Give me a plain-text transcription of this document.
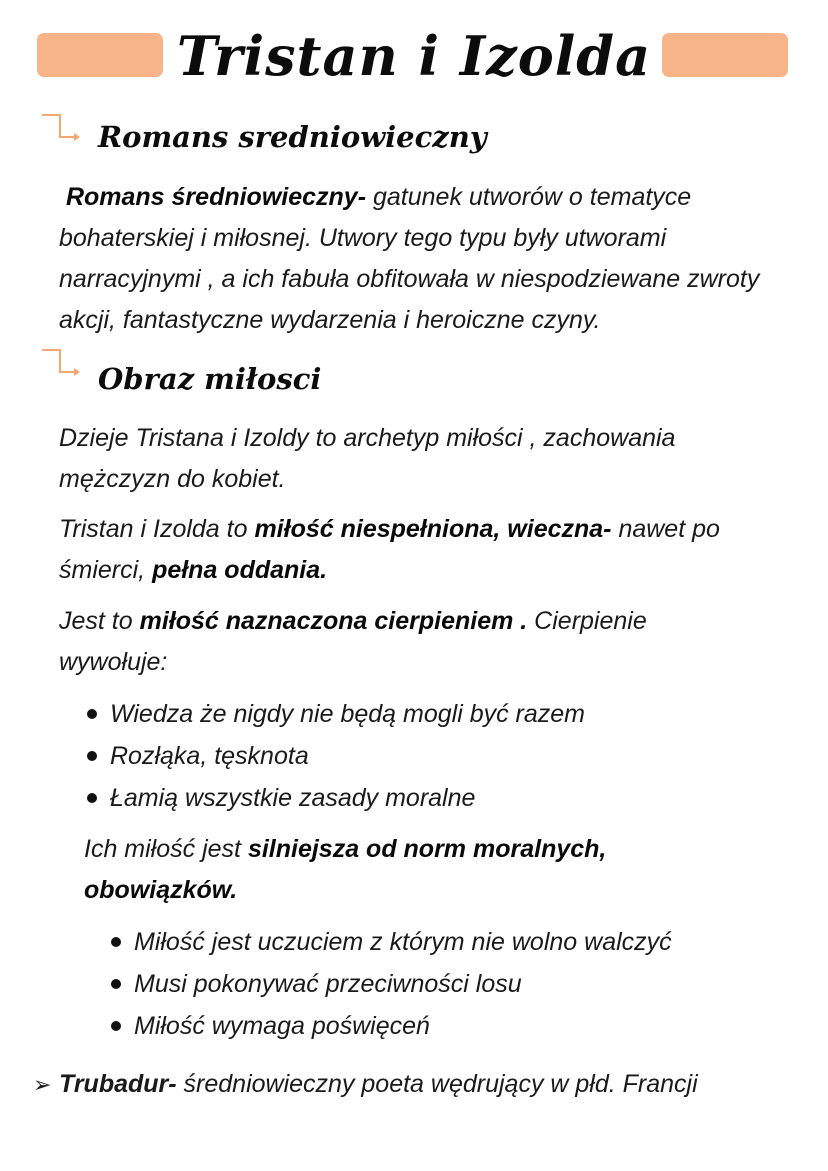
Tristan i Izolda
Romans sredniowieczny

Romans średniowieczny- gatunek utworów o tematyce bohaterskiej i miłosnej. Utwory tego typu były utworami narracyjnymi , a ich fabuła obfitowała w niespodziewane zwroty akcji, fantastyczne wydarzenia i heroiczne czyny.

Obraz miłosci

Dzieje Tristana i Izoldy to archetyp miłości , zachowania mężczyzn do kobiet.

Tristan i Izolda to miłość niespełniona, wieczna- nawet po śmierci, pełna oddania.

Jest to miłość naznaczona cierpieniem . Cierpienie wywołuje:

Wiedza że nigdy nie będą mogli być razem
Rozłąka, tęsknota
Łamią wszystkie zasady moralne

Ich miłość jest silniejsza od norm moralnych, obowiązków.

Miłość jest uczuciem z którym nie wolno walczyć
Musi pokonywać przeciwności losu
Miłość wymaga poświęceń
➢ Trubadur- średniowieczny poeta wędrujący w płd. Francji
